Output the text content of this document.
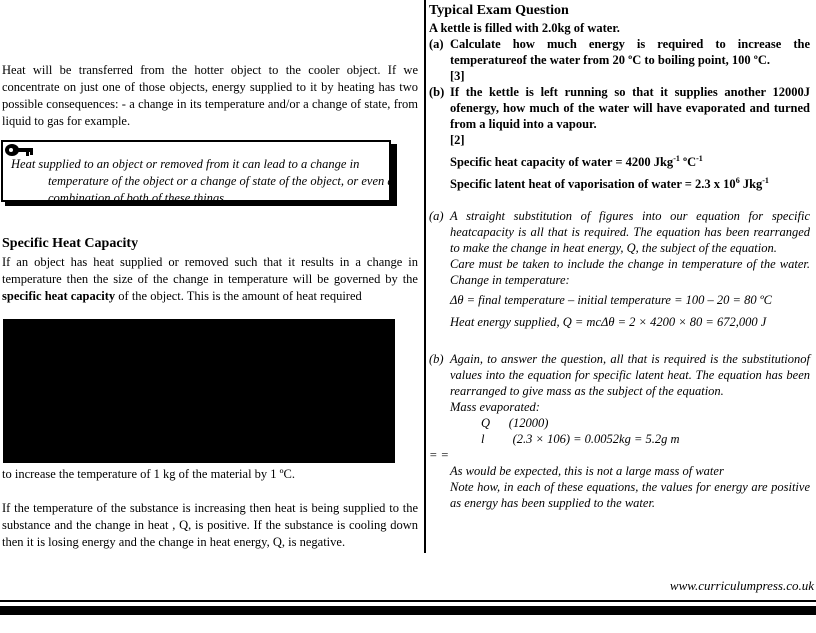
Heat will be transferred from the hotter object to the cooler object. If we concentrate on just one of those objects, energy supplied to it by heating has two possible consequences: - a change in its temperature and/or a change of state, from liquid to gas for example.
Heat supplied to an object or removed from it can lead to a change in
temperature of the object or a change of state of the object, or even a combination of both of these things.
Specific Heat Capacity
If an object has heat supplied or removed such that it results in a change in temperature then the size of the change in temperature will be governed by the specific heat capacity of the object. This is the amount of heat required
to increase the temperature of 1 kg of the material by 1 ºC.
If the temperature of the substance is increasing then heat is being supplied to the substance and the change in heat , Q, is positive. If the substance is cooling down then it is losing energy and the change in heat energy, Q, is negative.
Typical Exam Question
A kettle is filled with 2.0kg of water.
(a) Calculate how much energy is required to increase the temperatureof the water from 20 ºC to boiling point, 100 ºC.
[3]
(b) If the kettle is left running so that it supplies another 12000J ofenergy, how much of the water will have evaporated and turned from a liquid into a vapour.
[2]
Specific heat capacity of water = 4200 Jkg$^{-1}$ ºC$^{-1}$
Specific latent heat of vaporisation of water = 2.3 x $10^6$ Jkg$^{-1}$
(a) A straight substitution of figures into our equation for specific heatcapacity is all that is required. The equation has been rearranged to make the change in heat energy, Q, the subject of the equation.
Care must be taken to include the change in temperature of the water. Change in temperature:
Δθ = final temperature – initial temperature = 100 – 20 = 80 ºC
Heat energy supplied, Q = mcΔθ = 2 × 4200 × 80 = 672,000 J
(b) Again, to answer the question, all that is required is the substitutionof values into the equation for specific latent heat. The equation has been rearranged to give mass as the subject of the equation.
Mass evaporated:
Q      (12000)
l         (2.3 × 106) = 0.0052kg = 5.2g m
= =
As would be expected, this is not a large mass of water
Note how, in each of these equations, the values for energy are positive as energy has been supplied to the water.
www.curriculumpress.co.uk
